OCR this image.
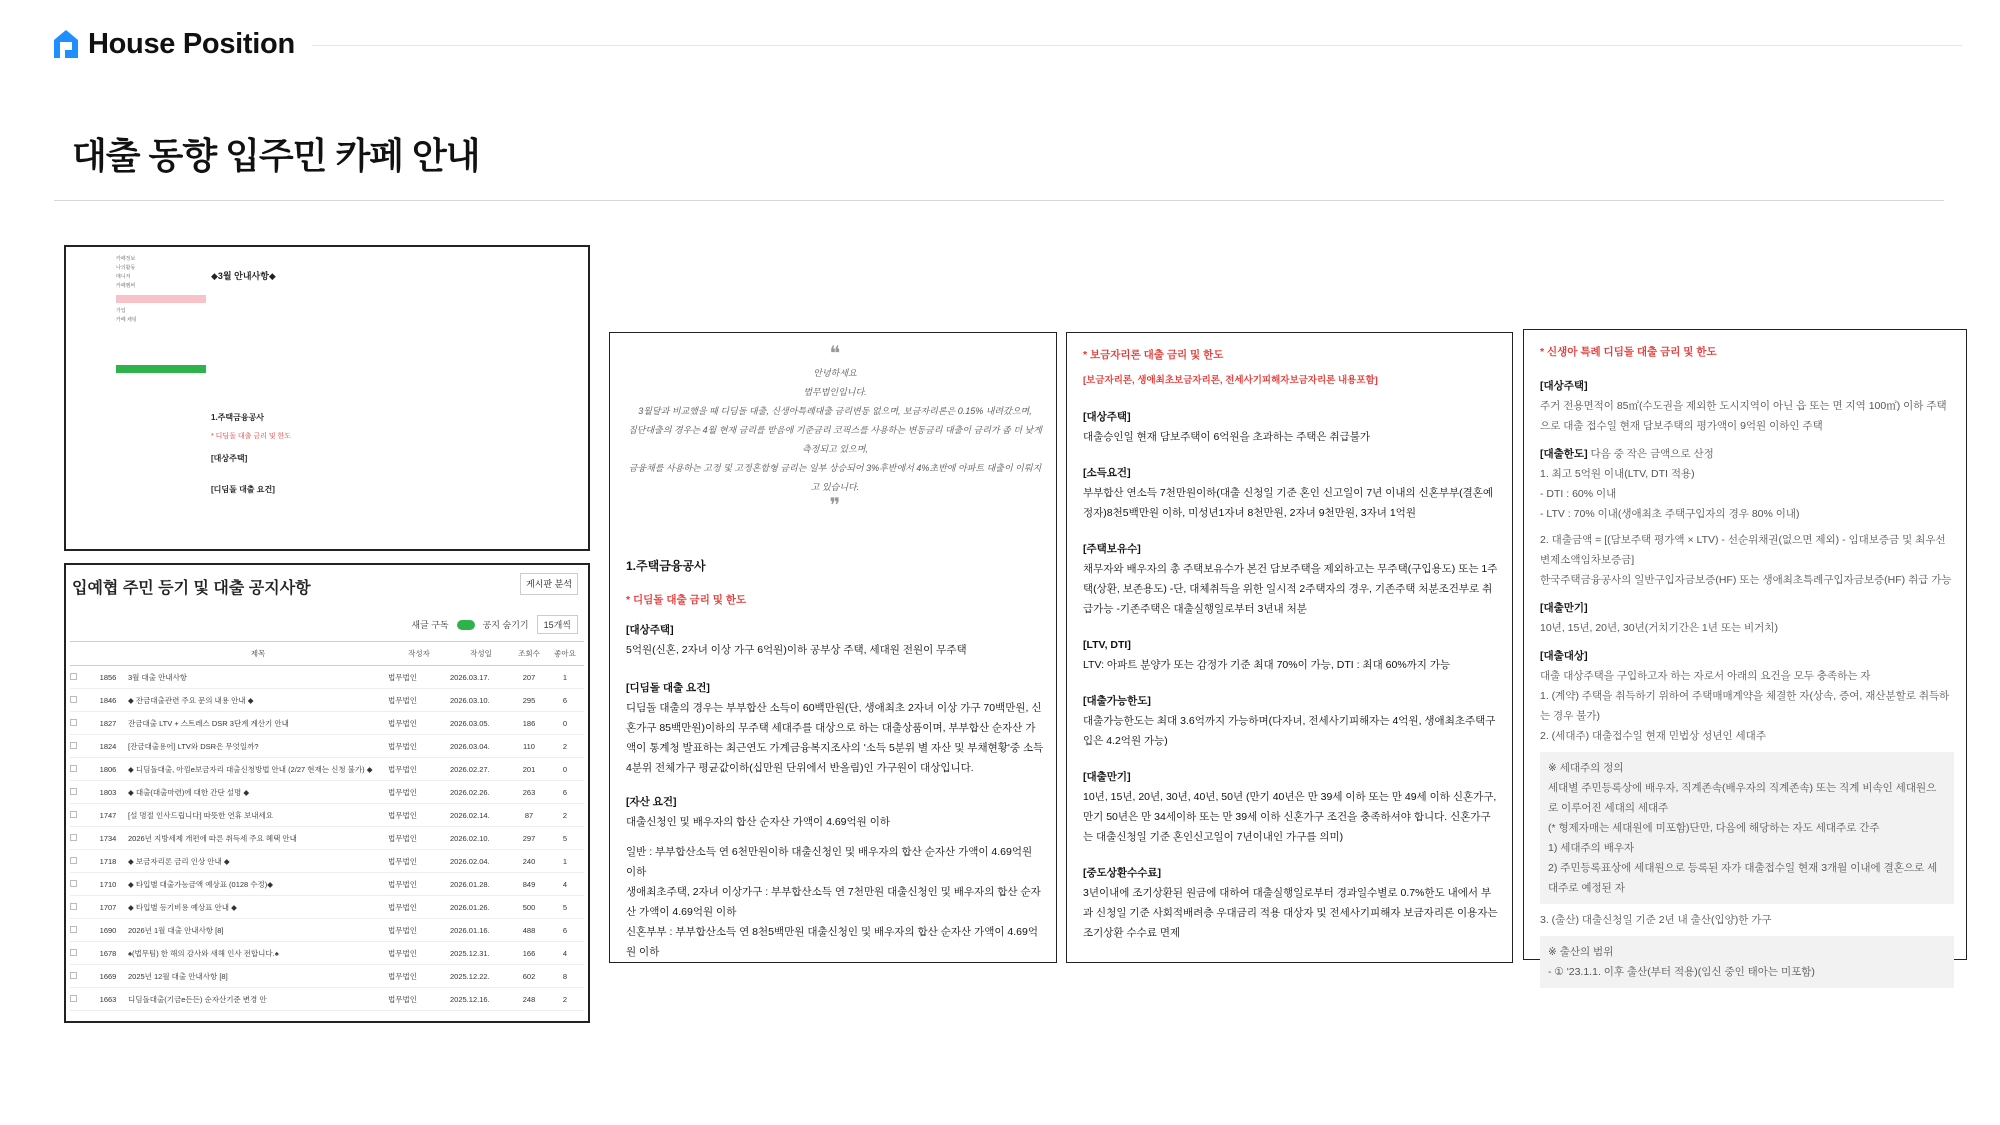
House Position
대출 동향 입주민 카페 안내
카페정보
나의활동
매니저
카페멤버
가입
카페 채팅
◆3월 안내사항◆
1.주택금융공사
* 디딤돌 대출 금리 및 한도
[대상주택]
[디딤돌 대출 요건]
입예협 주민 등기 및 대출 공지사항	게시판 분석
새글 구독	공지 숨기기	15개씩
		제목	작성자	작성일	조회수	좋아요
	1856	3월 대출 안내사항	법무법인	2026.03.17.	207	1
	1846	◆ 잔금대출관련 주요 문의 내용 안내 ◆	법무법인	2026.03.10.	295	6
	1827	잔금대출 LTV + 스트레스 DSR 3단계 계산기 안내	법무법인	2026.03.05.	186	0
	1824	[잔금대출용어] LTV와 DSR은 무엇일까?	법무법인	2026.03.04.	110	2
	1806	◆ 디딤돌대출, 아낌e보금자리 대출신청방법 안내 (2/27 현재는 신청 불가) ◆	법무법인	2026.02.27.	201	0
	1803	◆ 대출(대출마련)에 대한 간단 설명 ◆	법무법인	2026.02.26.	263	6
	1747	[설 명절 인사드립니다] 따뜻한 연휴 보내세요	법무법인	2026.02.14.	87	2
	1734	2026년 지방세제 개편에 따른 취득세 주요 혜택 안내	법무법인	2026.02.10.	297	5
	1718	◆ 보금자리론 금리 인상 안내 ◆	법무법인	2026.02.04.	240	1
	1710	◆ 타입별 대출가능금액 예상표 (0128 수정)◆	법무법인	2026.01.28.	849	4
	1707	◆ 타입별 등기비용 예상표 안내 ◆	법무법인	2026.01.26.	500	5
	1690	2026년 1월 대출 안내사항 [8]	법무법인	2026.01.16.	488	6
	1678	♠(법무팀) 한 해의 감사와 새해 인사 전합니다.♠	법무법인	2025.12.31.	166	4
	1669	2025년 12월 대출 안내사항 [8]	법무법인	2025.12.22.	602	8
	1663	디딤돌대출(기금e든든) 순자산기준 변경 안	법무법인	2025.12.16.	248	2
❝
안녕하세요
법무법인입니다.
3월달과 비교했을 때 디딤돌 대출, 신생아특례대출 금리변동 없으며, 보금자리론은 0.15% 내려갔으며,
집단대출의 경우는 4월 현재 금리를 받음에 기준금리 코픽스를 사용하는 변동금리 대출이 금리가 좀 더 낮게 측정되고 있으며,
금융채를 사용하는 고정 및 고정혼합형 금리는 일부 상승되어 3%후반에서 4%초반에 아파트 대출이 이뤄지고 있습니다.
❞
1.주택금융공사
* 디딤돌 대출 금리 및 한도
[대상주택]
5억원(신혼, 2자녀 이상 가구 6억원)이하 공부상 주택, 세대원 전원이 무주택
[디딤돌 대출 요건]
디딤돌 대출의 경우는 부부합산 소득이 60백만원(단, 생애최초 2자녀 이상 가구 70백만원, 신혼가구 85백만원)이하의 무주택 세대주를 대상으로 하는 대출상품이며, 부부합산 순자산 가액이 통계청 발표하는 최근연도 가계금융복지조사의 '소득 5분위 별 자산 및 부채현황'중 소득 4분위 전체가구 평균값이하(십만원 단위에서 반올림)인 가구원이 대상입니다.
[자산 요건]
대출신청인 및 배우자의 합산 순자산 가액이 4.69억원 이하
일반 : 부부합산소득 연 6천만원이하 대출신청인 및 배우자의 합산 순자산 가액이 4.69억원 이하
생애최초주택, 2자녀 이상가구 : 부부합산소득 연 7천만원 대출신청인 및 배우자의 합산 순자산 가액이 4.69억원 이하
신혼부부 : 부부합산소득 연 8천5백만원 대출신청인 및 배우자의 합산 순자산 가액이 4.69억원 이하
* 보금자리론 대출 금리 및 한도
[보금자리론, 생애최초보금자리론, 전세사기피해자보금자리론 내용포함]
[대상주택]
대출승인일 현재 담보주택이 6억원을 초과하는 주택은 취급불가
[소득요건]
부부합산 연소득 7천만원이하(대출 신청일 기준 혼인 신고일이 7년 이내의 신혼부부(결혼예정자)8천5백만원 이하, 미성년1자녀 8천만원, 2자녀 9천만원, 3자녀 1억원
[주택보유수]
채무자와 배우자의 총 주택보유수가 본건 담보주택을 제외하고는 무주택(구입용도) 또는 1주택(상환, 보존용도) -단, 대체취득을 위한 일시적 2주택자의 경우, 기존주택 처분조건부로 취급가능 -기존주택은 대출실행일로부터 3년내 처분
[LTV, DTI]
LTV: 아파트 분양가 또는 감정가 기준 최대 70%이 가능, DTI : 최대 60%까지 가능
[대출가능한도]
대출가능한도는 최대 3.6억까지 가능하며(다자녀, 전세사기피해자는 4억원, 생애최초주택구입은 4.2억원 가능)
[대출만기]
10년, 15년, 20년, 30년, 40년, 50년 (만기 40년은 만 39세 이하 또는 만 49세 이하 신혼가구, 만기 50년은 만 34세이하 또는 만 39세 이하 신혼가구 조건을 충족하셔야 합니다. 신혼가구는 대출신청일 기준 혼인신고일이 7년이내인 가구를 의미)
[중도상환수수료]
3년이내에 조기상환된 원금에 대하여 대출실행일로부터 경과일수별로 0.7%한도 내에서 부과 신청일 기준 사회적배려층 우대금리 적용 대상자 및 전세사기피해자 보금자리론 이용자는 조기상환 수수료 면제
* 신생아 특례 디딤돌 대출 금리 및 한도
[대상주택]
주거 전용면적이 85㎡(수도권을 제외한 도시지역이 아닌 읍 또는 면 지역 100㎡) 이하 주택으로 대출 접수일 현재 담보주택의 평가액이 9억원 이하인 주택
[대출한도] 다음 중 작은 금액으로 산정
1. 최고 5억원 이내(LTV, DTI 적용)
- DTI : 60% 이내
- LTV : 70% 이내(생애최초 주택구입자의 경우 80% 이내)
2. 대출금액 = [(담보주택 평가액 × LTV) - 선순위채권(없으면 제외) - 임대보증금 및 최우선변제소액임차보증금]
한국주택금융공사의 일반구입자금보증(HF) 또는 생애최초특례구입자금보증(HF) 취급 가능
[대출만기]
10년, 15년, 20년, 30년(거치기간은 1년 또는 비거치)
[대출대상]
대출 대상주택을 구입하고자 하는 자로서 아래의 요건을 모두 충족하는 자
1. (계약) 주택을 취득하기 위하여 주택매매계약을 체결한 자(상속, 증여, 재산분할로 취득하는 경우 불가)
2. (세대주) 대출접수일 현재 민법상 성년인 세대주
※ 세대주의 정의
세대별 주민등록상에 배우자, 직계존속(배우자의 직계존속) 또는 직계 비속인 세대원으로 이루어진 세대의 세대주
(* 형제자매는 세대원에 미포함)단만, 다음에 해당하는 자도 세대주로 간주
1) 세대주의 배우자
2) 주민등록표상에 세대원으로 등록된 자가 대출접수일 현재 3개월 이내에 결혼으로 세대주로 예정된 자
3. (출산) 대출신청일 기준 2년 내 출산(입양)한 가구
※ 출산의 범위
- ① '23.1.1. 이후 출산(부터 적용)(임신 중인 태아는 미포함)
